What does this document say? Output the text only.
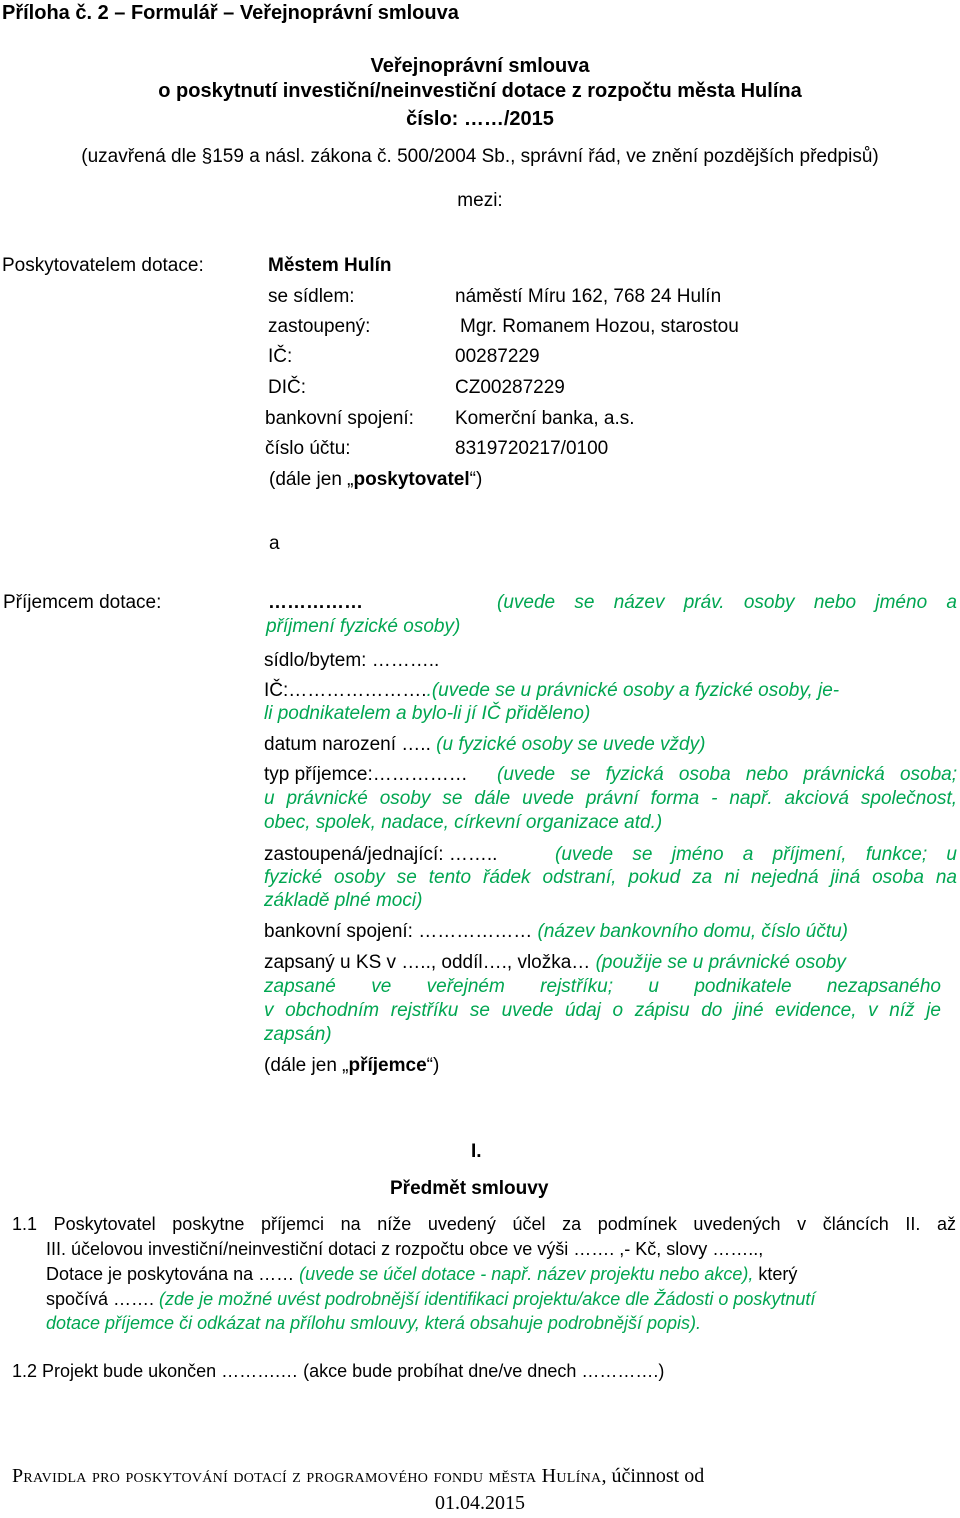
Příloha č. 2 – Formulář – Veřejnoprávní smlouva
Veřejnoprávní smlouva
o poskytnutí investiční/neinvestiční dotace z rozpočtu města Hulína
číslo: ……/2015
(uzavřená dle §159 a násl. zákona č. 500/2004 Sb., správní řád, ve znění pozdějších předpisů)
mezi:
Poskytovatelem dotace:	Městem Hulín
se sídlem:	náměstí Míru 162, 768 24 Hulín
zastoupený:	Mgr. Romanem Hozou, starostou
IČ:	00287229
DIČ:	CZ00287229
bankovní spojení: Komerční banka, a.s.
číslo účtu:	8319720217/0100
(dále jen „poskytovatel“)
a
Příjemcem dotace:	……………	(uvede se název práv. osoby nebo jméno a
příjmení fyzické osoby)
sídlo/bytem: ………..
IČ:…………………..(uvede se u právnické osoby a fyzické osoby, je-
li podnikatelem a bylo-li jí IČ přiděleno)
datum narození ….. (u fyzické osoby se uvede vždy)
typ příjemce:…………… (uvede se fyzická osoba nebo právnická osoba;
u právnické osoby se dále uvede právní forma - např. akciová společnost,
obec, spolek, nadace, církevní organizace atd.)
zastoupená/jednající: ……..	(uvede se jméno a příjmení, funkce; u
fyzické osoby se tento řádek odstraní, pokud za ni nejedná jiná osoba na
základě plné moci)
bankovní spojení: ……………… (název bankovního domu, číslo účtu)
zapsaný u KS v ….., oddíl…., vložka… (použije se u právnické osoby
zapsané ve veřejném rejstříku; u podnikatele nezapsaného
v obchodním rejstříku se uvede údaj o zápisu do jiné evidence, v níž je
zapsán)
(dále jen „příjemce“)
I.
Předmět smlouvy
1.1 Poskytovatel poskytne příjemci na níže uvedený účel za podmínek uvedených v článcích II. až
III. účelovou investiční/neinvestiční dotaci z rozpočtu obce ve výši ……. ,- Kč, slovy ……..,
Dotace je poskytována na …… (uvede se účel dotace - např. název projektu nebo akce), který
spočívá ……. (zde je možné uvést podrobnější identifikaci projektu/akce dle Žádosti o poskytnutí
dotace příjemce či odkázat na přílohu smlouvy, která obsahuje podrobnější popis).
1.2 Projekt bude ukončen ……….… (akce bude probíhat dne/ve dnech ………….)
Pravidla pro poskytování dotací z programového fondu města Hulína, účinnost od
01.04.2015
